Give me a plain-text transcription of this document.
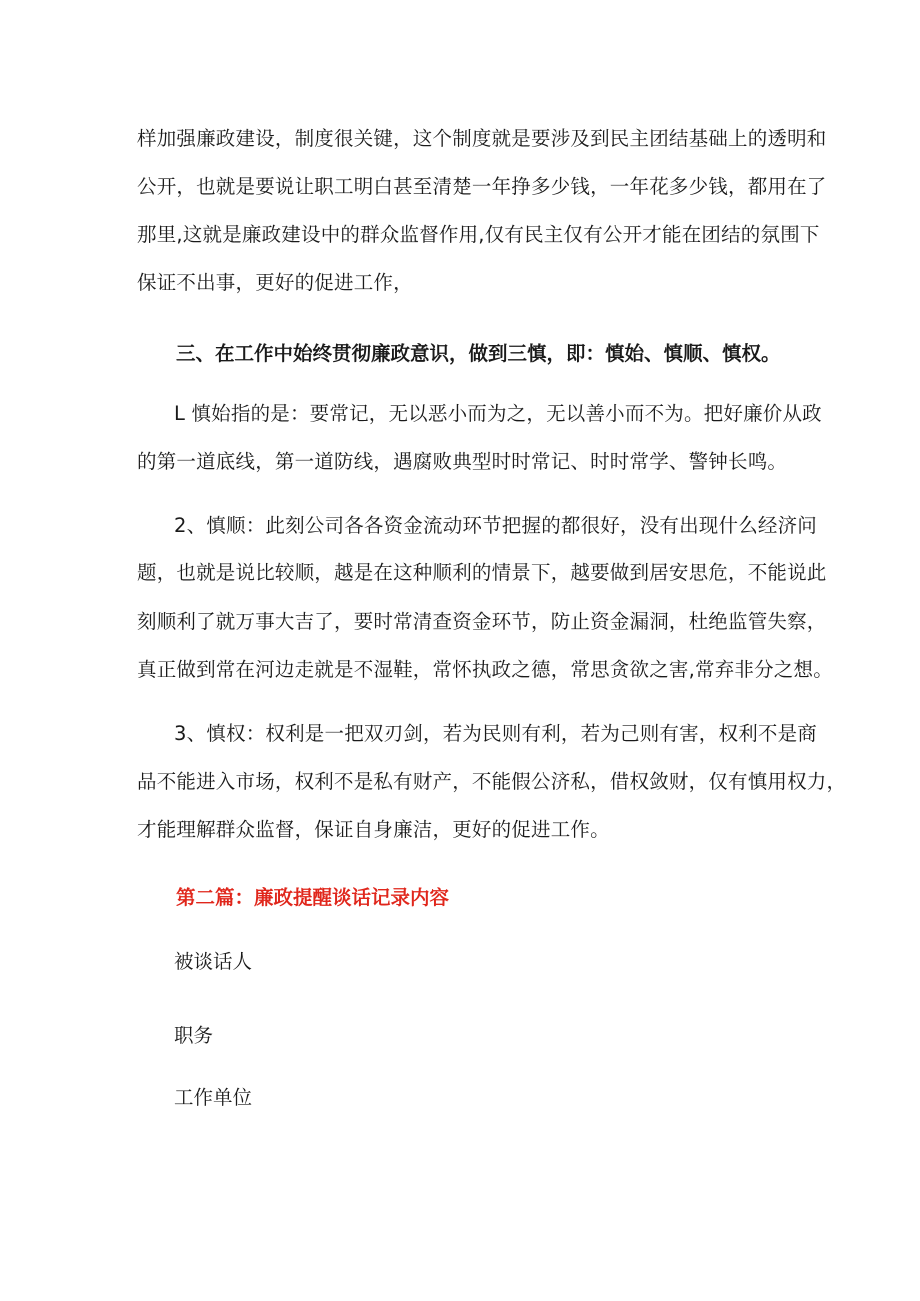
样加强廉政建设，制度很关键，这个制度就是要涉及到民主团结基础上的透明和
公开，也就是要说让职工明白甚至清楚一年挣多少钱，一年花多少钱，都用在了
那里,这就是廉政建设中的群众监督作用,仅有民主仅有公开才能在团结的氛围下
保证不出事，更好的促进工作，
三、在工作中始终贯彻廉政意识，做到三慎，即：慎始、慎顺、慎权。
L 慎始指的是：要常记，无以恶小而为之，无以善小而不为。把好廉价从政
的第一道底线，第一道防线，遇腐败典型时时常记、时时常学、警钟长鸣。
2、慎顺：此刻公司各各资金流动环节把握的都很好，没有出现什么经济问
题，也就是说比较顺，越是在这种顺利的情景下，越要做到居安思危，不能说此
刻顺利了就万事大吉了，要时常清查资金环节，防止资金漏洞，杜绝监管失察，
真正做到常在河边走就是不湿鞋，常怀执政之德，常思贪欲之害,常弃非分之想。
3、慎权：权利是一把双刃剑，若为民则有利，若为己则有害，权利不是商
品不能进入市场，权利不是私有财产，不能假公济私，借权敛财，仅有慎用权力，
才能理解群众监督，保证自身廉洁，更好的促进工作。
第二篇：廉政提醒谈话记录内容
被谈话人
职务
工作单位
